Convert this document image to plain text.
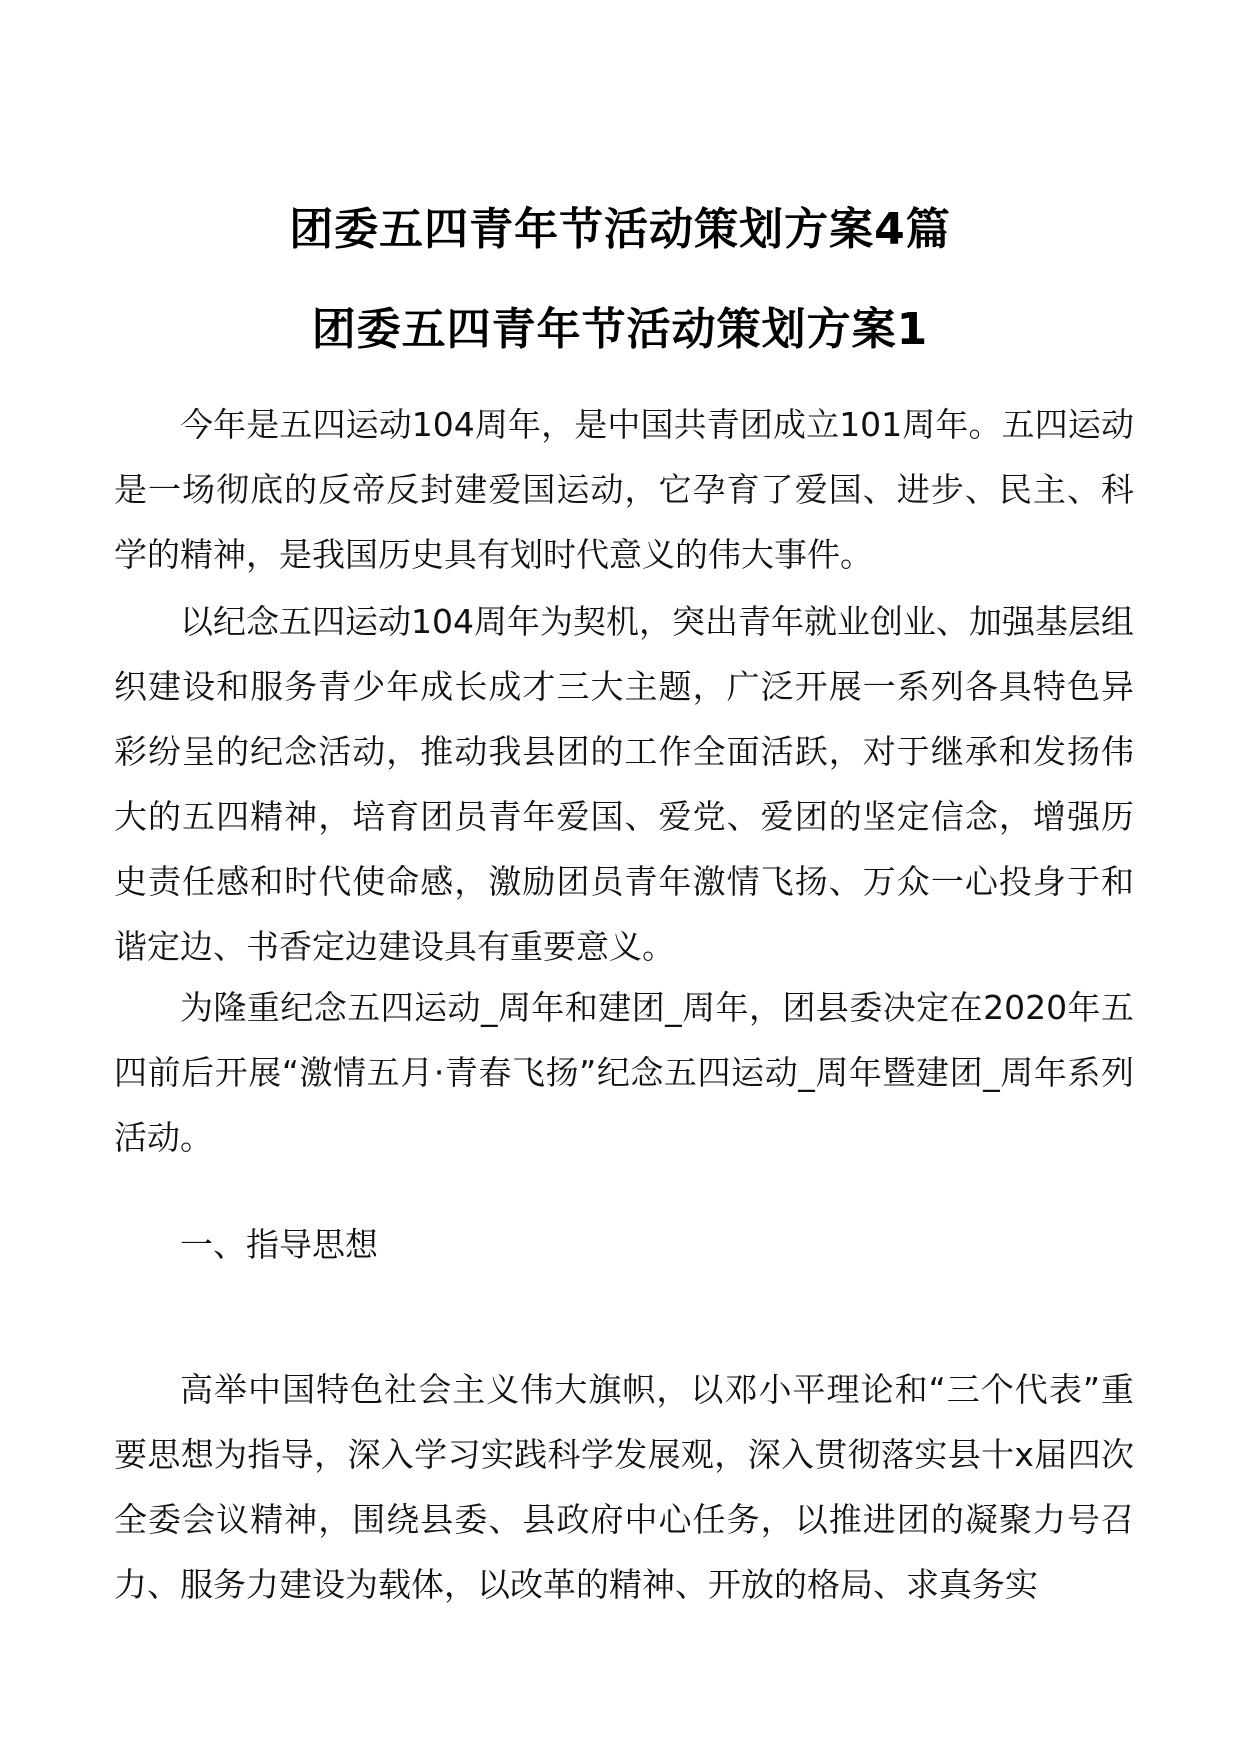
团委五四青年节活动策划方案4篇
团委五四青年节活动策划方案1

今年是五四运动104周年，是中国共青团成立101周年。五四运动是一场彻底的反帝反封建爱国运动，它孕育了爱国、进步、民主、科学的精神，是我国历史具有划时代意义的伟大事件。

以纪念五四运动104周年为契机，突出青年就业创业、加强基层组织建设和服务青少年成长成才三大主题，广泛开展一系列各具特色异彩纷呈的纪念活动，推动我县团的工作全面活跃，对于继承和发扬伟大的五四精神，培育团员青年爱国、爱党、爱团的坚定信念，增强历史责任感和时代使命感，激励团员青年激情飞扬、万众一心投身于和谐定边、书香定边建设具有重要意义。

为隆重纪念五四运动_周年和建团_周年，团县委决定在2020年五四前后开展“激情五月·青春飞扬”纪念五四运动_周年暨建团_周年系列活动。

一、指导思想

高举中国特色社会主义伟大旗帜，以邓小平理论和“三个代表”重要思想为指导，深入学习实践科学发展观，深入贯彻落实县十x届四次全委会议精神，围绕县委、县政府中心任务，以推进团的凝聚力号召力、服务力建设为载体，以改革的精神、开放的格局、求真务实
